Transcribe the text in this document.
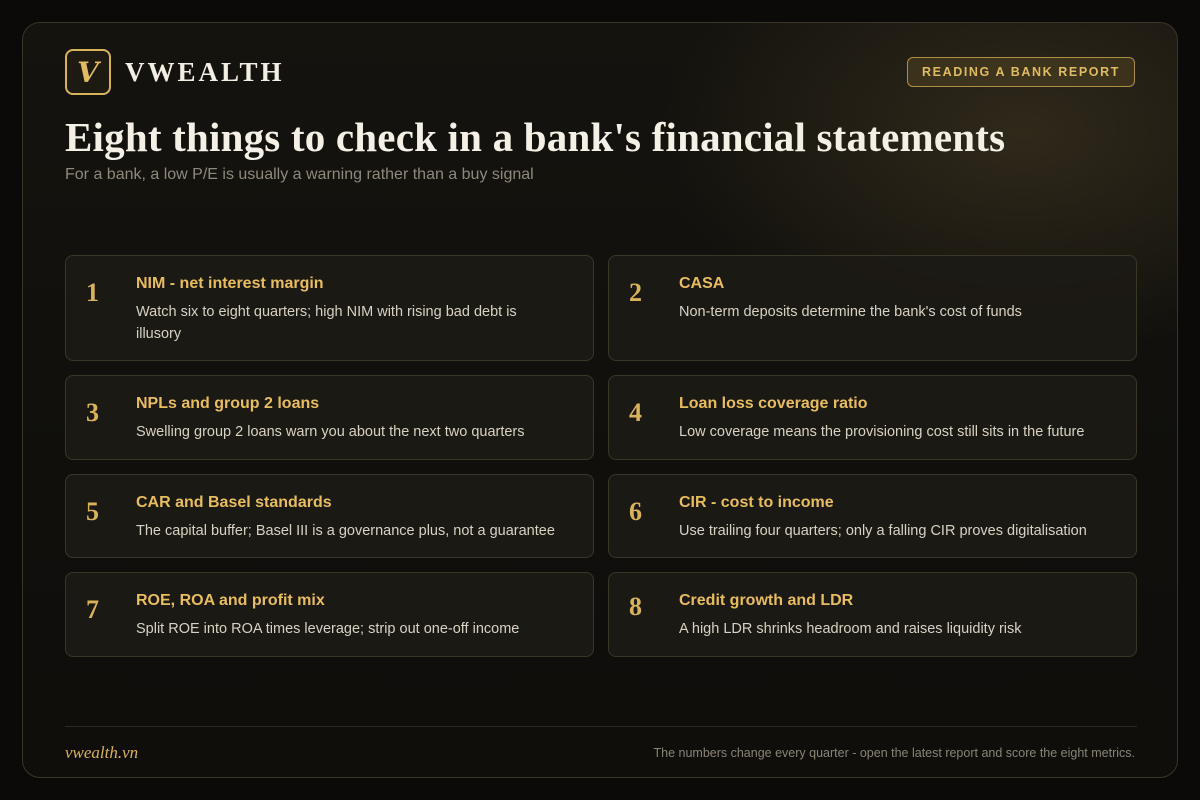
V VWEALTH	READING A BANK REPORT
Eight things to check in a bank's financial statements
For a bank, a low P/E is usually a warning rather than a buy signal
1 NIM - net interest margin
Watch six to eight quarters; high NIM with rising bad debt is illusory
2 CASA
Non-term deposits determine the bank's cost of funds
3 NPLs and group 2 loans
Swelling group 2 loans warn you about the next two quarters
4 Loan loss coverage ratio
Low coverage means the provisioning cost still sits in the future
5 CAR and Basel standards
The capital buffer; Basel III is a governance plus, not a guarantee
6 CIR - cost to income
Use trailing four quarters; only a falling CIR proves digitalisation
7 ROE, ROA and profit mix
Split ROE into ROA times leverage; strip out one-off income
8 Credit growth and LDR
A high LDR shrinks headroom and raises liquidity risk
vwealth.vn	The numbers change every quarter - open the latest report and score the eight metrics.
